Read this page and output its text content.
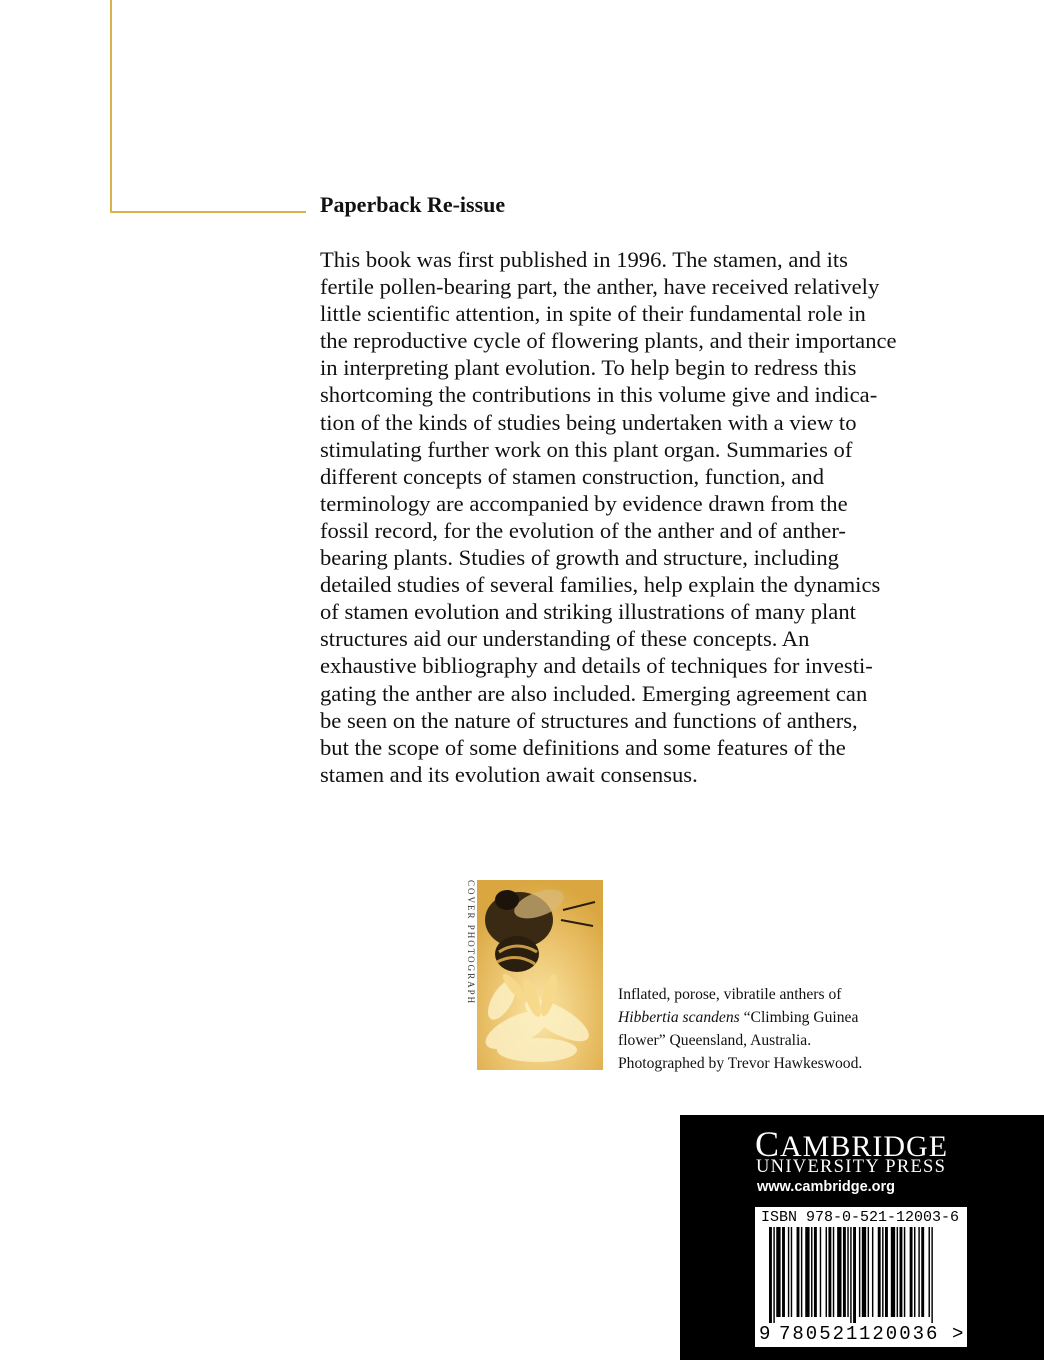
Paperback Re-issue
This book was first published in 1996. The stamen, and its
fertile pollen-bearing part, the anther, have received relatively
little scientific attention, in spite of their fundamental role in
the reproductive cycle of flowering plants, and their importance
in interpreting plant evolution. To help begin to redress this
shortcoming the contributions in this volume give and indica-
tion of the kinds of studies being undertaken with a view to
stimulating further work on this plant organ. Summaries of
different concepts of stamen construction, function, and
terminology are accompanied by evidence drawn from the
fossil record, for the evolution of the anther and of anther-
bearing plants. Studies of growth and structure, including
detailed studies of several families, help explain the dynamics
of stamen evolution and striking illustrations of many plant
structures aid our understanding of these concepts. An
exhaustive bibliography and details of techniques for investi-
gating the anther are also included. Emerging agreement can
be seen on the nature of structures and functions of anthers,
but the scope of some definitions and some features of the
stamen and its evolution await consensus.
COVER PHOTOGRAPH	Inflated, porose, vibratile anthers of
Hibbertia scandens “Climbing Guinea
flower” Queensland, Australia.
Photographed by Trevor Hawkeswood.
CAMBRIDGE
UNIVERSITY PRESS
www.cambridge.org
ISBN 978-0-521-12003-6
9 780521 120036 >
